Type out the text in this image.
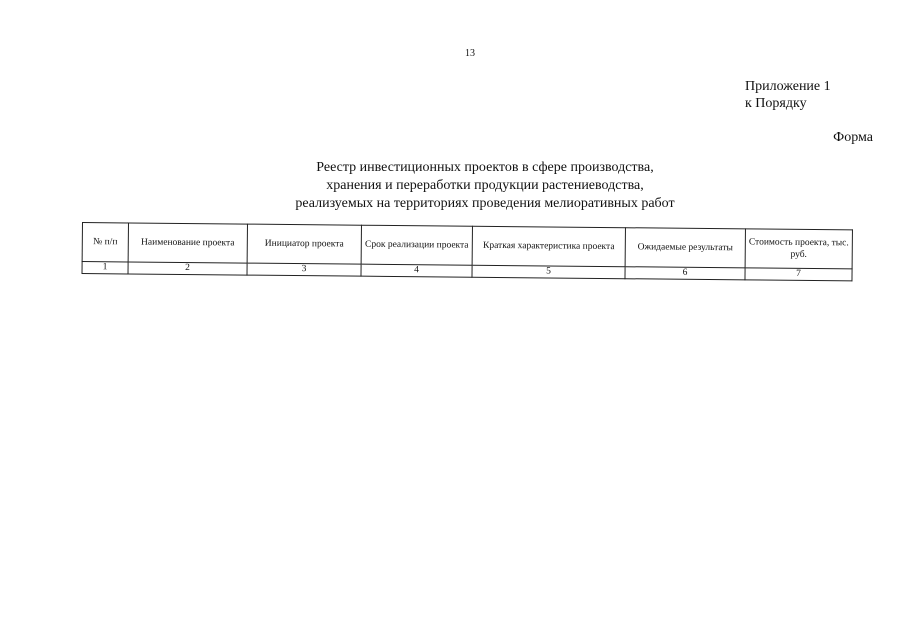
13
Приложение 1
к Порядку
Форма
Реестр инвестиционных проектов в сфере производства,
хранения и переработки продукции растениеводства,
реализуемых на территориях проведения мелиоративных работ
№ п/п	Наименование проекта	Инициатор проекта	Срок реализации проекта	Краткая характеристика проекта	Ожидаемые результаты	Стоимость проекта, тыс. руб.
1	2	3	4	5	6	7
